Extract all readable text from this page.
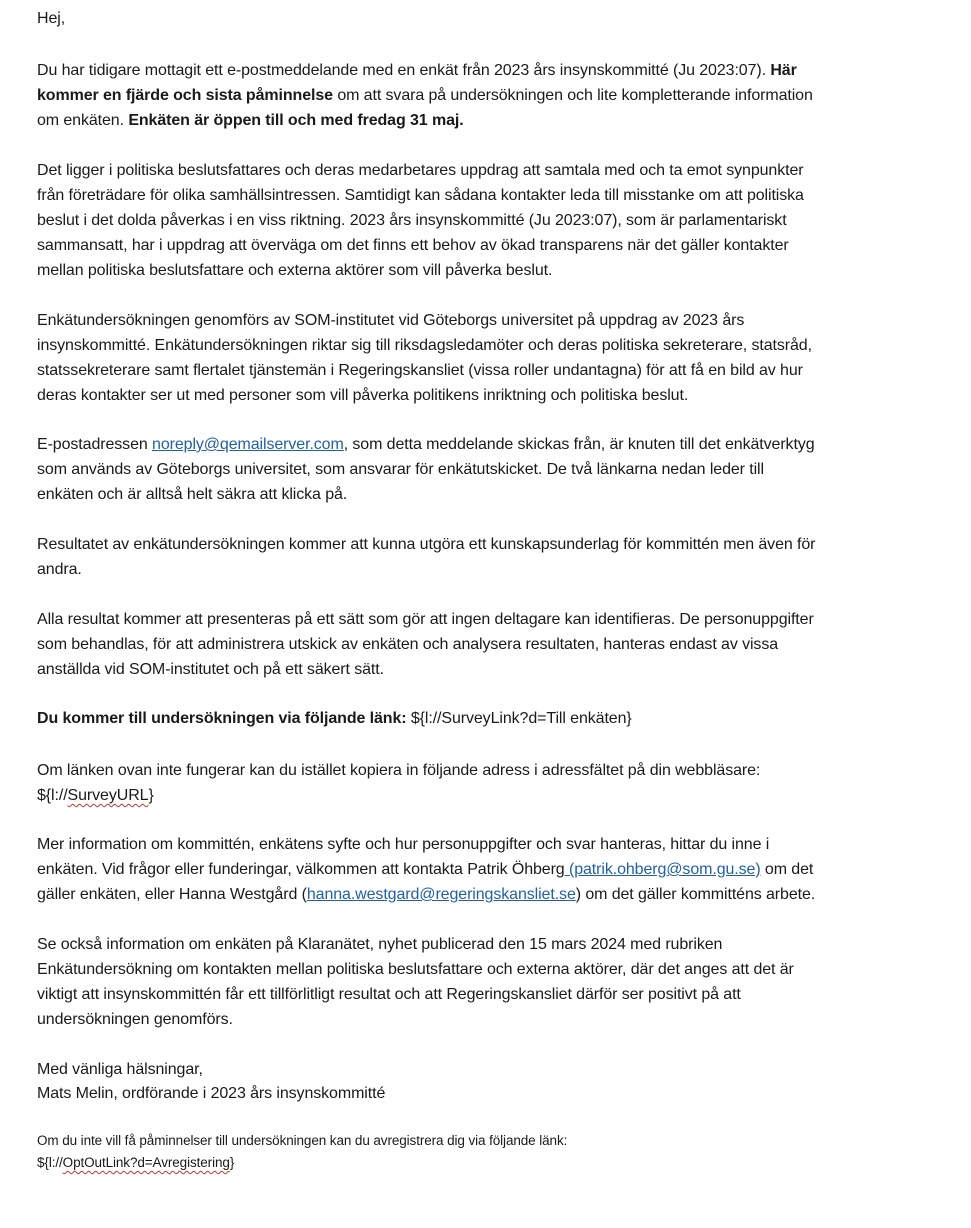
Hej,

Du har tidigare mottagit ett e-postmeddelande med en enkät från 2023 års insynskommitté (Ju 2023:07). Här

kommer en fjärde och sista påminnelse om att svara på undersökningen och lite kompletterande information

om enkäten. Enkäten är öppen till och med fredag 31 maj.

Det ligger i politiska beslutsfattares och deras medarbetares uppdrag att samtala med och ta emot synpunkter

från företrädare för olika samhällsintressen. Samtidigt kan sådana kontakter leda till misstanke om att politiska

beslut i det dolda påverkas i en viss riktning. 2023 års insynskommitté (Ju 2023:07), som är parlamentariskt

sammansatt, har i uppdrag att överväga om det finns ett behov av ökad transparens när det gäller kontakter

mellan politiska beslutsfattare och externa aktörer som vill påverka beslut.

Enkätundersökningen genomförs av SOM-institutet vid Göteborgs universitet på uppdrag av 2023 års

insynskommitté. Enkätundersökningen riktar sig till riksdagsledamöter och deras politiska sekreterare, statsråd,

statssekreterare samt flertalet tjänstemän i Regeringskansliet (vissa roller undantagna) för att få en bild av hur

deras kontakter ser ut med personer som vill påverka politikens inriktning och politiska beslut.

E-postadressen noreply@qemailserver.com, som detta meddelande skickas från, är knuten till det enkätverktyg

som används av Göteborgs universitet, som ansvarar för enkätutskicket. De två länkarna nedan leder till

enkäten och är alltså helt säkra att klicka på.

Resultatet av enkätundersökningen kommer att kunna utgöra ett kunskapsunderlag för kommittén men även för

andra.

Alla resultat kommer att presenteras på ett sätt som gör att ingen deltagare kan identifieras. De personuppgifter

som behandlas, för att administrera utskick av enkäten och analysera resultaten, hanteras endast av vissa

anställda vid SOM-institutet och på ett säkert sätt.

Du kommer till undersökningen via följande länk: ${l://SurveyLink?d=Till enkäten}

Om länken ovan inte fungerar kan du istället kopiera in följande adress i adressfältet på din webbläsare:

${l://SurveyURL}

Mer information om kommittén, enkätens syfte och hur personuppgifter och svar hanteras, hittar du inne i

enkäten. Vid frågor eller funderingar, välkommen att kontakta Patrik Öhberg (patrik.ohberg@som.gu.se) om det

gäller enkäten, eller Hanna Westgård (hanna.westgard@regeringskansliet.se) om det gäller kommitténs arbete.

Se också information om enkäten på Klaranätet, nyhet publicerad den 15 mars 2024 med rubriken

Enkätundersökning om kontakten mellan politiska beslutsfattare och externa aktörer, där det anges att det är

viktigt att insynskommittén får ett tillförlitligt resultat och att Regeringskansliet därför ser positivt på att

undersökningen genomförs.

Med vänliga hälsningar,

Mats Melin, ordförande i 2023 års insynskommitté

Om du inte vill få påminnelser till undersökningen kan du avregistrera dig via följande länk:

${l://OptOutLink?d=Avregistering}
